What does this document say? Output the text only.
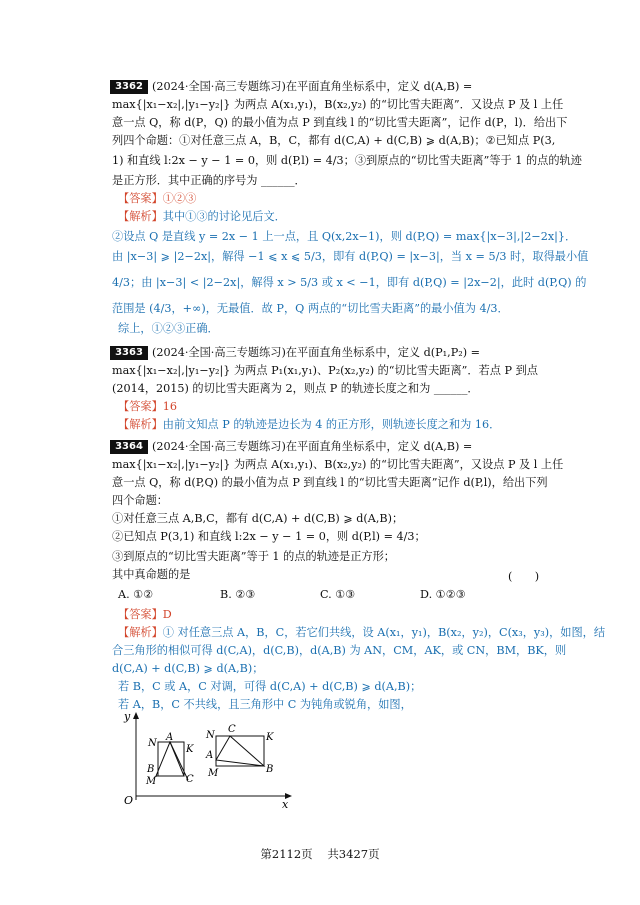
3362 (2024·全国·高三专题练习)在平面直角坐标系中，定义 d(A,B) =
max{|x₁−x₂|,|y₁−y₂|} 为两点 A(x₁,y₁)，B(x₂,y₂) 的“切比雪夫距离”．又设点 P 及 l 上任
意一点 Q，称 d(P，Q) 的最小值为点 P 到直线 l 的“切比雪夫距离”，记作 d(P，l)．给出下
列四个命题：①对任意三点 A，B，C，都有 d(C,A) + d(C,B) ⩾ d(A,B)；②已知点 P(3,
1) 和直线 l:2x − y − 1 = 0，则 d(P,l) = 4/3；③到原点的“切比雪夫距离”等于 1 的点的轨迹
是正方形．其中正确的序号为 ______．
【答案】①②③
【解析】其中①③的讨论见后文．
②设点 Q 是直线 y = 2x − 1 上一点，且 Q(x,2x−1)，则 d(P,Q) = max{|x−3|,|2−2x|}．
由 |x−3| ⩾ |2−2x|，解得 −1 ⩽ x ⩽ 5/3，即有 d(P,Q) = |x−3|，当 x = 5/3 时，取得最小值
4/3；由 |x−3| < |2−2x|，解得 x > 5/3 或 x < −1，即有 d(P,Q) = |2x−2|，此时 d(P,Q) 的
范围是 (4/3，+∞)，无最值．故 P，Q 两点的“切比雪夫距离”的最小值为 4/3．
综上，①②③正确．
3363 (2024·全国·高三专题练习)在平面直角坐标系中，定义 d(P₁,P₂) =
max{|x₁−x₂|,|y₁−y₂|} 为两点 P₁(x₁,y₁)、P₂(x₂,y₂) 的“切比雪夫距离”．若点 P 到点
(2014，2015) 的切比雪夫距离为 2，则点 P 的轨迹长度之和为 ______．
【答案】16
【解析】由前文知点 P 的轨迹是边长为 4 的正方形，则轨迹长度之和为 16．
3364 (2024·全国·高三专题练习)在平面直角坐标系中，定义 d(A,B) =
max{|x₁−x₂|,|y₁−y₂|} 为两点 A(x₁,y₁)、B(x₂,y₂) 的“切比雪夫距离”，又设点 P 及 l 上任
意一点 Q，称 d(P,Q) 的最小值为点 P 到直线 l 的“切比雪夫距离”记作 d(P,l)，给出下列
四个命题：
①对任意三点 A,B,C，都有 d(C,A) + d(C,B) ⩾ d(A,B)；
②已知点 P(3,1) 和直线 l:2x − y − 1 = 0，则 d(P,l) = 4/3；
③到原点的“切比雪夫距离”等于 1 的点的轨迹是正方形；
其中真命题的是	(　　)
A. ①②	B. ②③	C. ①③	D. ①②③
【答案】D
【解析】① 对任意三点 A，B，C，若它们共线，设 A(x₁，y₁)，B(x₂，y₂)，C(x₃，y₃)，如图，结
合三角形的相似可得 d(C,A)，d(C,B)，d(A,B) 为 AN，CM，AK，或 CN，BM，BK，则
d(C,A) + d(C,B) ⩾ d(A,B)；
若 B，C 或 A，C 对调，可得 d(C,A) + d(C,B) ⩾ d(A,B)；
若 A，B，C 不共线，且三角形中 C 为钝角或锐角，如图，
y
x
O
N
A
K
B
C
M
C
N
A
K
B
M
第2112页 共3427页
